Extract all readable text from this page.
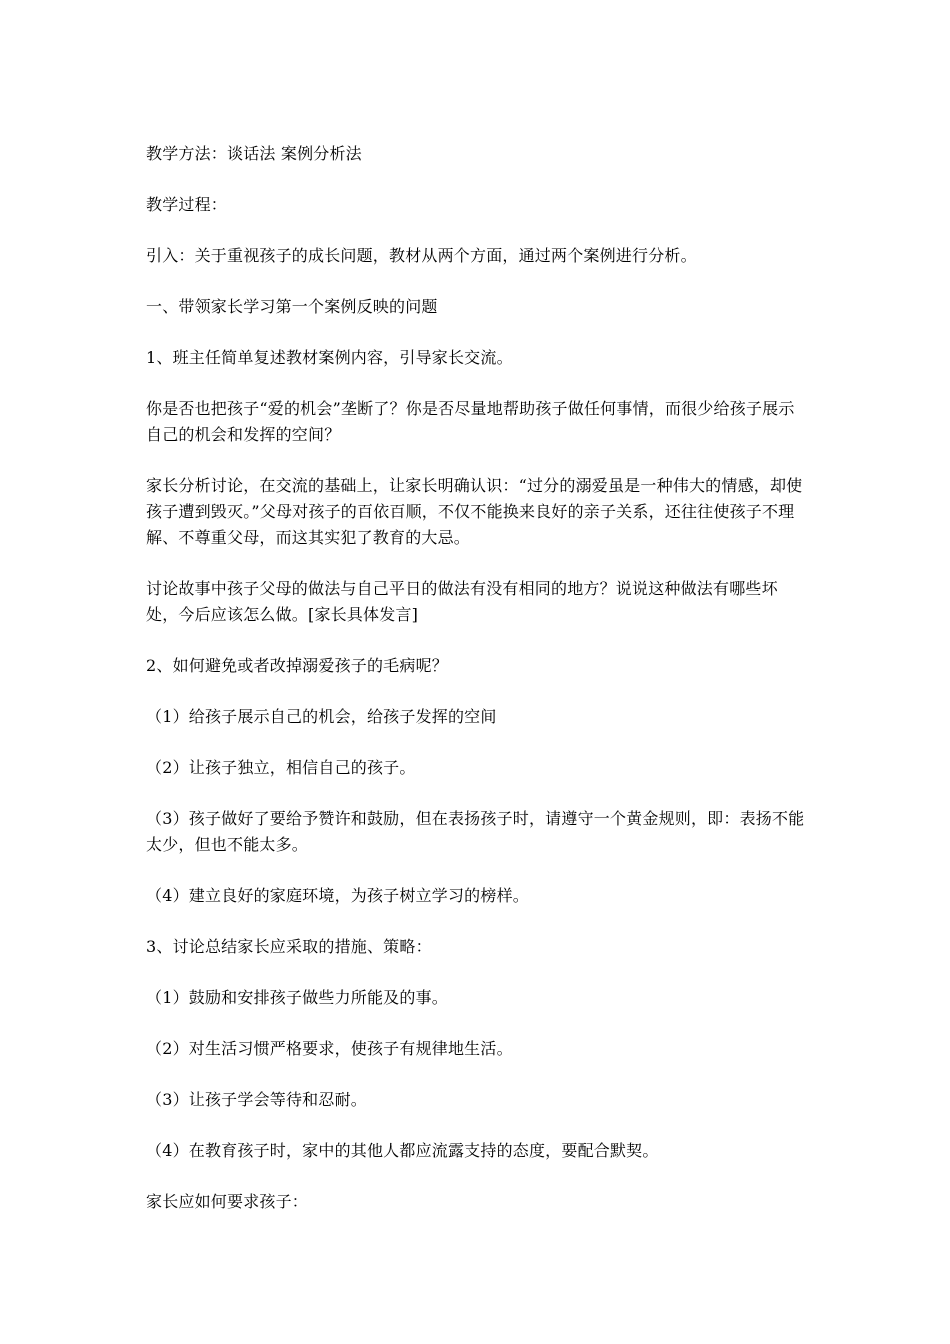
教学方法：谈话法 案例分析法

教学过程：

引入：关于重视孩子的成长问题，教材从两个方面，通过两个案例进行分析。

一、带领家长学习第一个案例反映的问题

1、班主任简单复述教材案例内容，引导家长交流。

你是否也把孩子“爱的机会”垄断了？你是否尽量地帮助孩子做任何事情，而很少给孩子展示自己的机会和发挥的空间？

家长分析讨论，在交流的基础上，让家长明确认识：“过分的溺爱虽是一种伟大的情感，却使孩子遭到毁灭。”父母对孩子的百依百顺，不仅不能换来良好的亲子关系，还往往使孩子不理解、不尊重父母，而这其实犯了教育的大忌。

讨论故事中孩子父母的做法与自己平日的做法有没有相同的地方？说说这种做法有哪些坏处，今后应该怎么做。[家长具体发言]

2、如何避免或者改掉溺爱孩子的毛病呢？

（1）给孩子展示自己的机会，给孩子发挥的空间

（2）让孩子独立，相信自己的孩子。

（3）孩子做好了要给予赞许和鼓励，但在表扬孩子时，请遵守一个黄金规则，即：表扬不能太少，但也不能太多。

（4）建立良好的家庭环境，为孩子树立学习的榜样。

3、讨论总结家长应采取的措施、策略：

（1）鼓励和安排孩子做些力所能及的事。

（2）对生活习惯严格要求，使孩子有规律地生活。

（3）让孩子学会等待和忍耐。

（4）在教育孩子时，家中的其他人都应流露支持的态度，要配合默契。

家长应如何要求孩子：
